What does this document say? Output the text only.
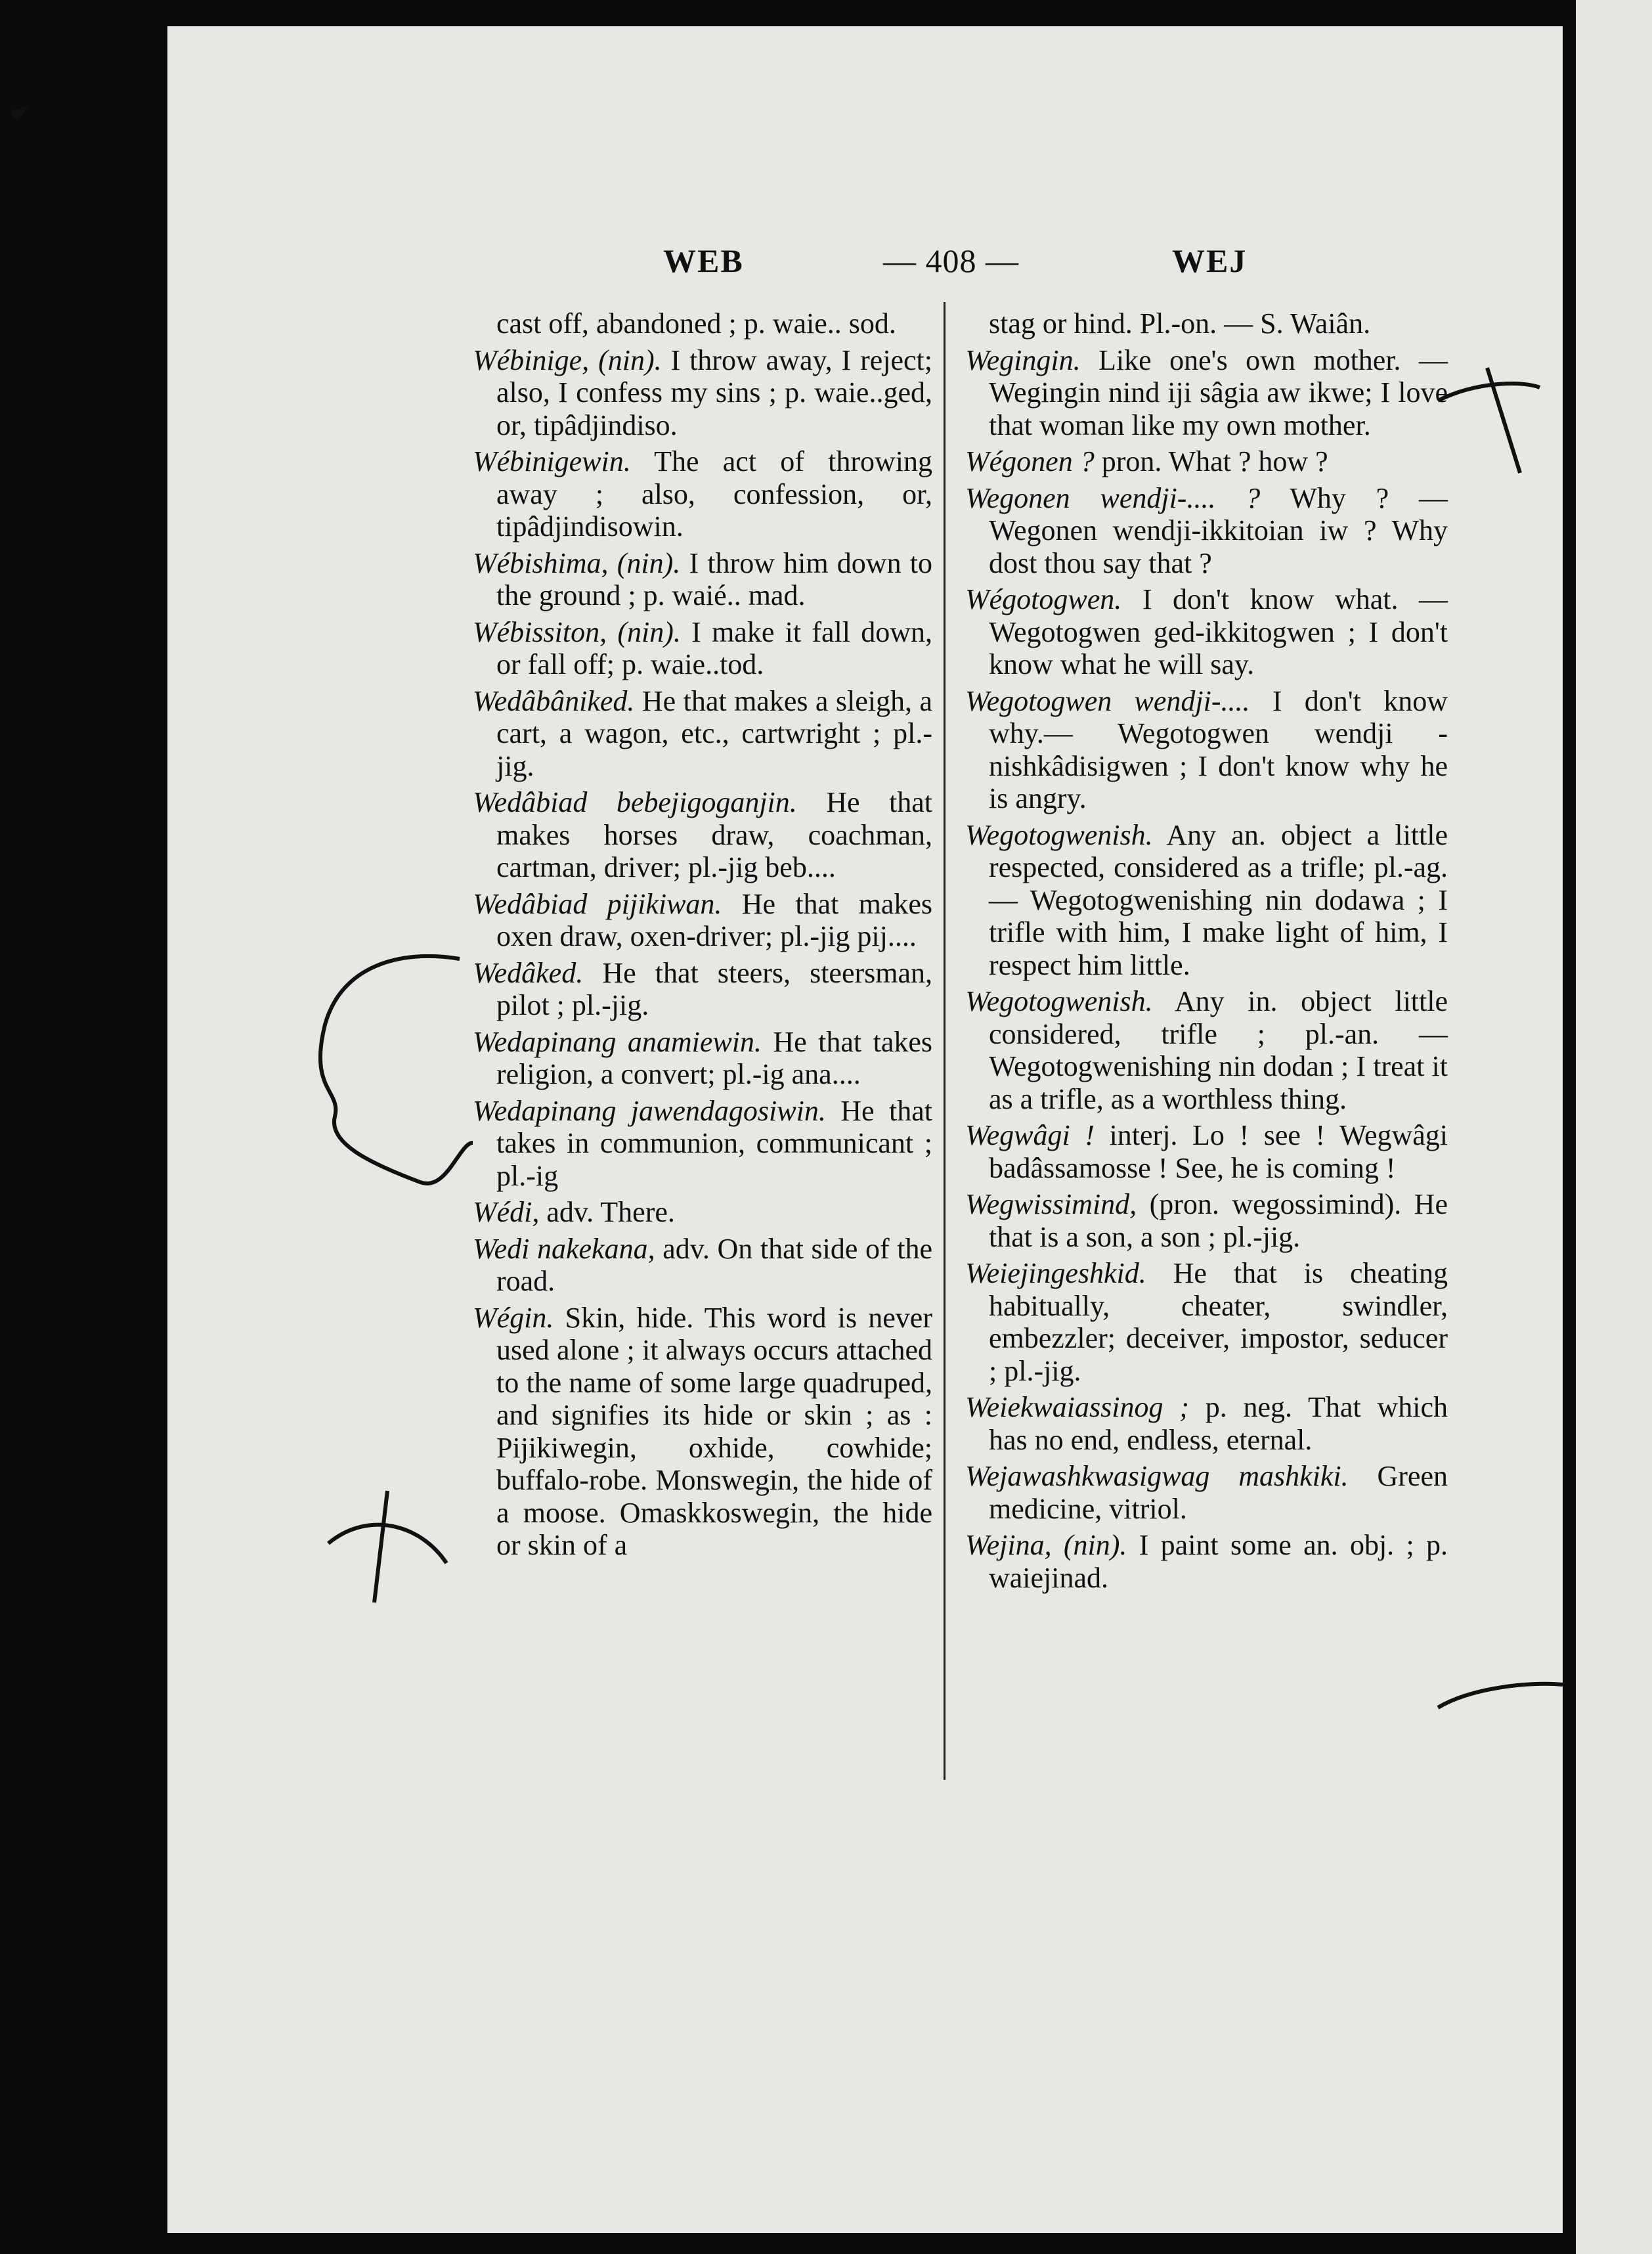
WEB	— 408 —	WEJ

cast off, abandoned ; p. waie.. sod.

Wébinige, (nin). I throw away, I reject; also, I confess my sins ; p. waie..ged, or, tipâdjindiso.

Wébinigewin. The act of throwing away ; also, confession, or, tipâdjindisowin.

Wébishima, (nin). I throw him down to the ground ; p. waié.. mad.

Wébissiton, (nin). I make it fall down, or fall off; p. waie..tod.

Wedâbâniked. He that makes a sleigh, a cart, a wagon, etc., cartwright ; pl.-jig.

Wedâbiad bebejigoganjin. He that makes horses draw, coachman, cartman, driver; pl.-jig beb....

Wedâbiad pijikiwan. He that makes oxen draw, oxen-driver; pl.-jig pij....

Wedâked. He that steers, steersman, pilot ; pl.-jig.

Wedapinang anamiewin. He that takes religion, a convert; pl.-ig ana....

Wedapinang jawendagosiwin. He that takes in communion, communicant ; pl.-ig

Wédi, adv. There.

Wedi nakekana, adv. On that side of the road.

Wégin. Skin, hide. This word is never used alone ; it always occurs attached to the name of some large quadruped, and signifies its hide or skin ; as : Pijikiwegin, oxhide, cowhide; buffalo-robe. Monswegin, the hide of a moose. Omaskkoswegin, the hide or skin of a

stag or hind. Pl.-on. — S. Waiân.

Wegingin. Like one's own mother. — Wegingin nind iji sâgia aw ikwe; I love that woman like my own mother.

Wégonen ? pron. What ? how ?

Wegonen wendji-.... ? Why ? — Wegonen wendji-ikkitoian iw ? Why dost thou say that ?

Wégotogwen. I don't know what. — Wegotogwen ged-ikkitogwen ; I don't know what he will say.

Wegotogwen wendji-.... I don't know why.— Wegotogwen wendji - nishkâdisigwen ; I don't know why he is angry.

Wegotogwenish. Any an. object a little respected, considered as a trifle; pl.-ag. — Wegotogwenishing nin dodawa ; I trifle with him, I make light of him, I respect him little.

Wegotogwenish. Any in. object little considered, trifle ; pl.-an. — Wegotogwenishing nin dodan ; I treat it as a trifle, as a worthless thing.

Wegwâgi ! interj. Lo ! see ! Wegwâgi badâssamosse ! See, he is coming !

Wegwissimind, (pron. wegossimind). He that is a son, a son ; pl.-jig.

Weiejingeshkid. He that is cheating habitually, cheater, swindler, embezzler; deceiver, impostor, seducer ; pl.-jig.

Weiekwaiassinog ; p. neg. That which has no end, endless, eternal.

Wejawashkwasigwag mashkiki. Green medicine, vitriol.

Wejina, (nin). I paint some an. obj. ; p. waiejinad.
